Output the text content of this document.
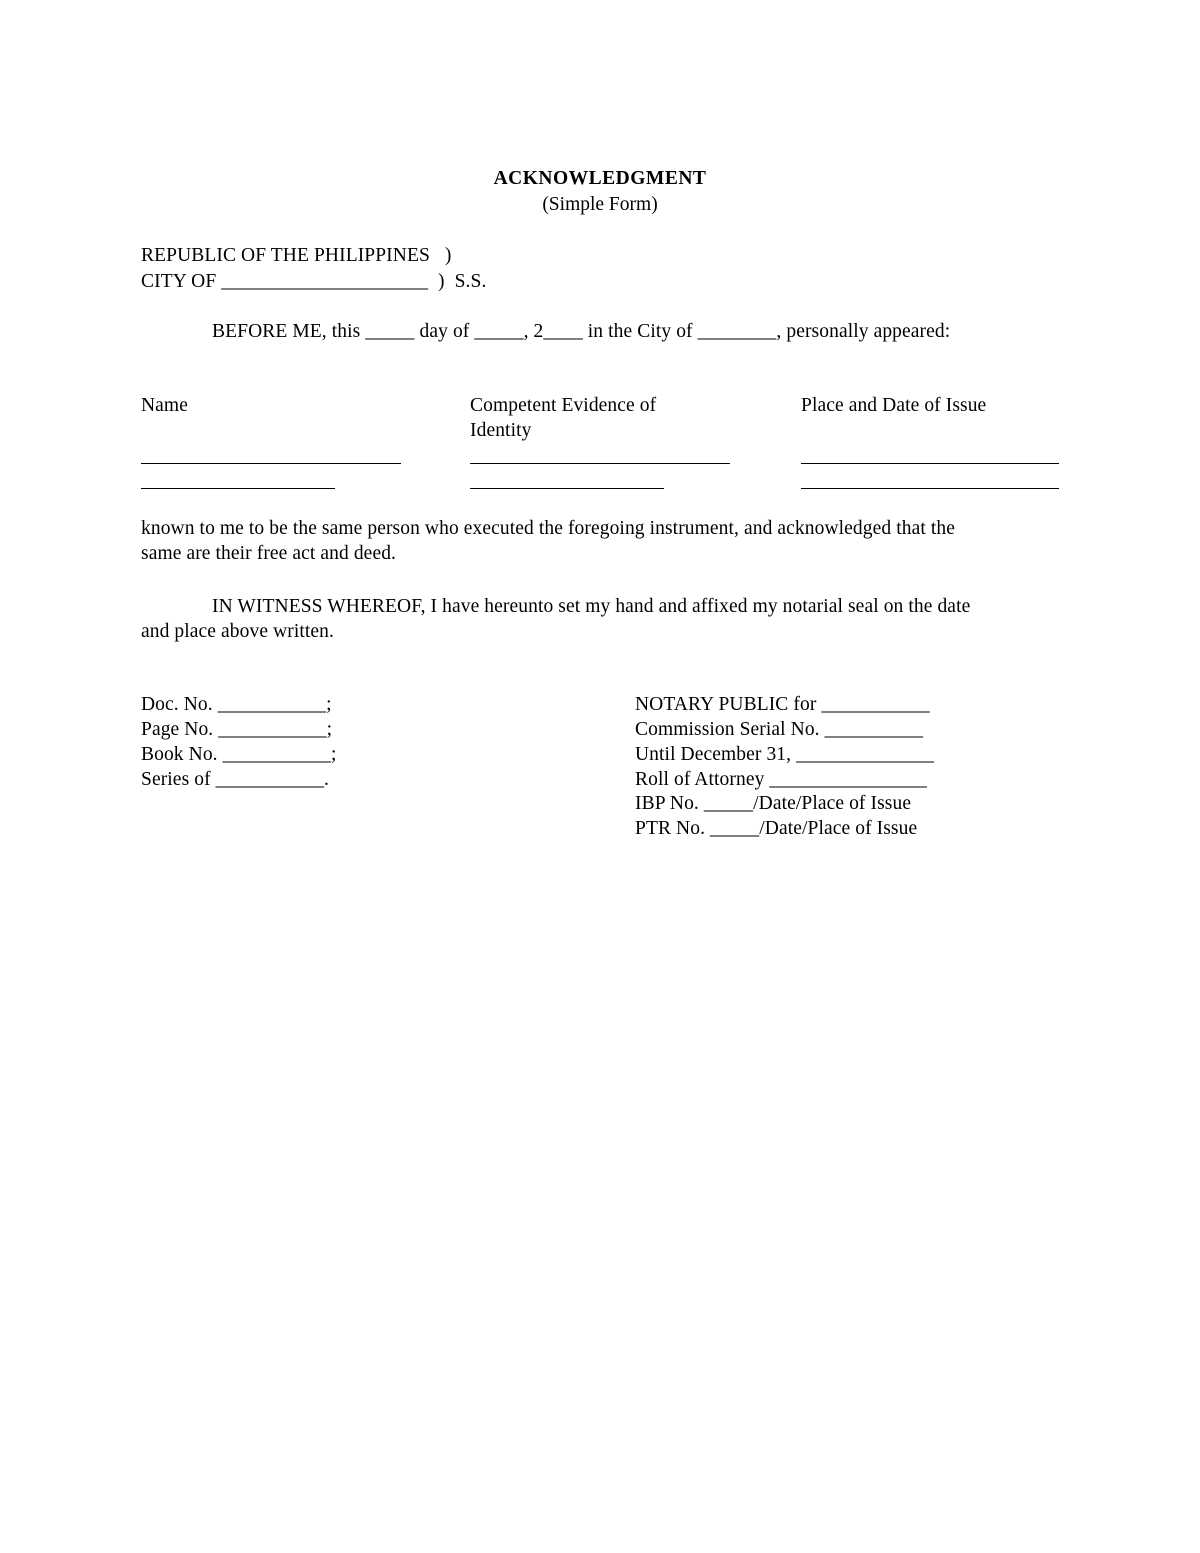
ACKNOWLEDGMENT
(Simple Form)
REPUBLIC OF THE PHILIPPINES   )
CITY OF _____________________  )  S.S.
BEFORE ME, this _____ day of _____, 2____ in the City of ________, personally appeared:
Name	Competent Evidence of
Identity
Place and Date of Issue
known to me to be the same person who executed the foregoing instrument, and acknowledged that the
same are their free act and deed.
IN WITNESS WHEREOF, I have hereunto set my hand and affixed my notarial seal on the date
and place above written.
Doc. No. ___________;
Page No. ___________;
Book No. ___________;
Series of ___________.
NOTARY PUBLIC for ___________
Commission Serial No. __________
Until December 31, ______________
Roll of Attorney ________________
IBP No. _____/Date/Place of Issue
PTR No. _____/Date/Place of Issue
